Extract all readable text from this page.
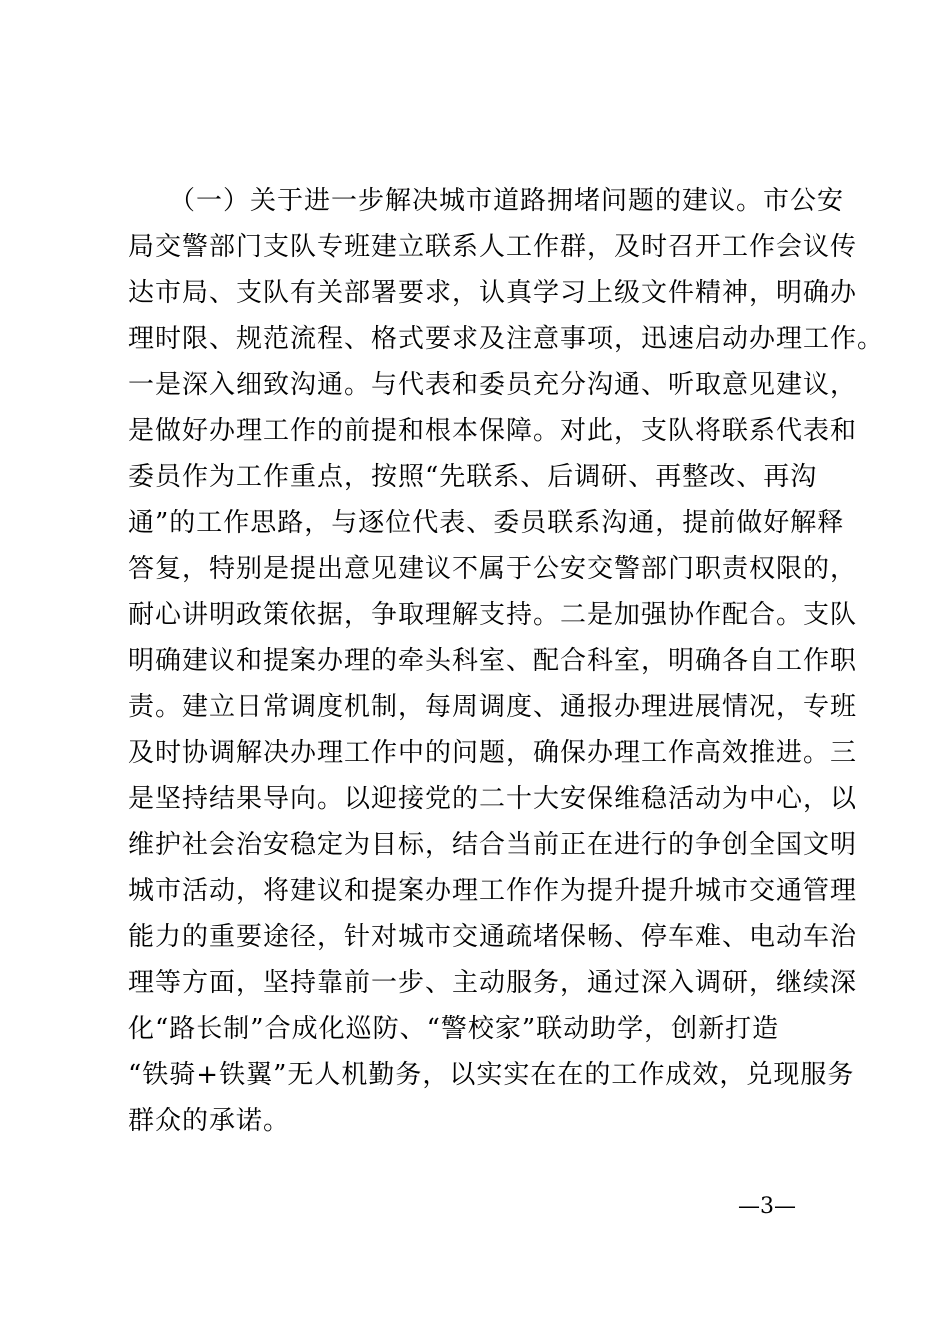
　　（一）关于进一步解决城市道路拥堵问题的建议。市公安
局交警部门支队专班建立联系人工作群，及时召开工作会议传
达市局、支队有关部署要求，认真学习上级文件精神，明确办
理时限、规范流程、格式要求及注意事项，迅速启动办理工作。
一是深入细致沟通。与代表和委员充分沟通、听取意见建议，
是做好办理工作的前提和根本保障。对此，支队将联系代表和
委员作为工作重点，按照“先联系、后调研、再整改、再沟
通”的工作思路，与逐位代表、委员联系沟通，提前做好解释
答复，特别是提出意见建议不属于公安交警部门职责权限的，
耐心讲明政策依据，争取理解支持。二是加强协作配合。支队
明确建议和提案办理的牵头科室、配合科室，明确各自工作职
责。建立日常调度机制，每周调度、通报办理进展情况，专班
及时协调解决办理工作中的问题，确保办理工作高效推进。三
是坚持结果导向。以迎接党的二十大安保维稳活动为中心，以
维护社会治安稳定为目标，结合当前正在进行的争创全国文明
城市活动，将建议和提案办理工作作为提升提升城市交通管理
能力的重要途径，针对城市交通疏堵保畅、停车难、电动车治
理等方面，坚持靠前一步、主动服务，通过深入调研，继续深
化“路长制”合成化巡防、“警校家”联动助学，创新打造
“铁骑+铁翼”无人机勤务，以实实在在的工作成效，兑现服务
群众的承诺。
—3—
